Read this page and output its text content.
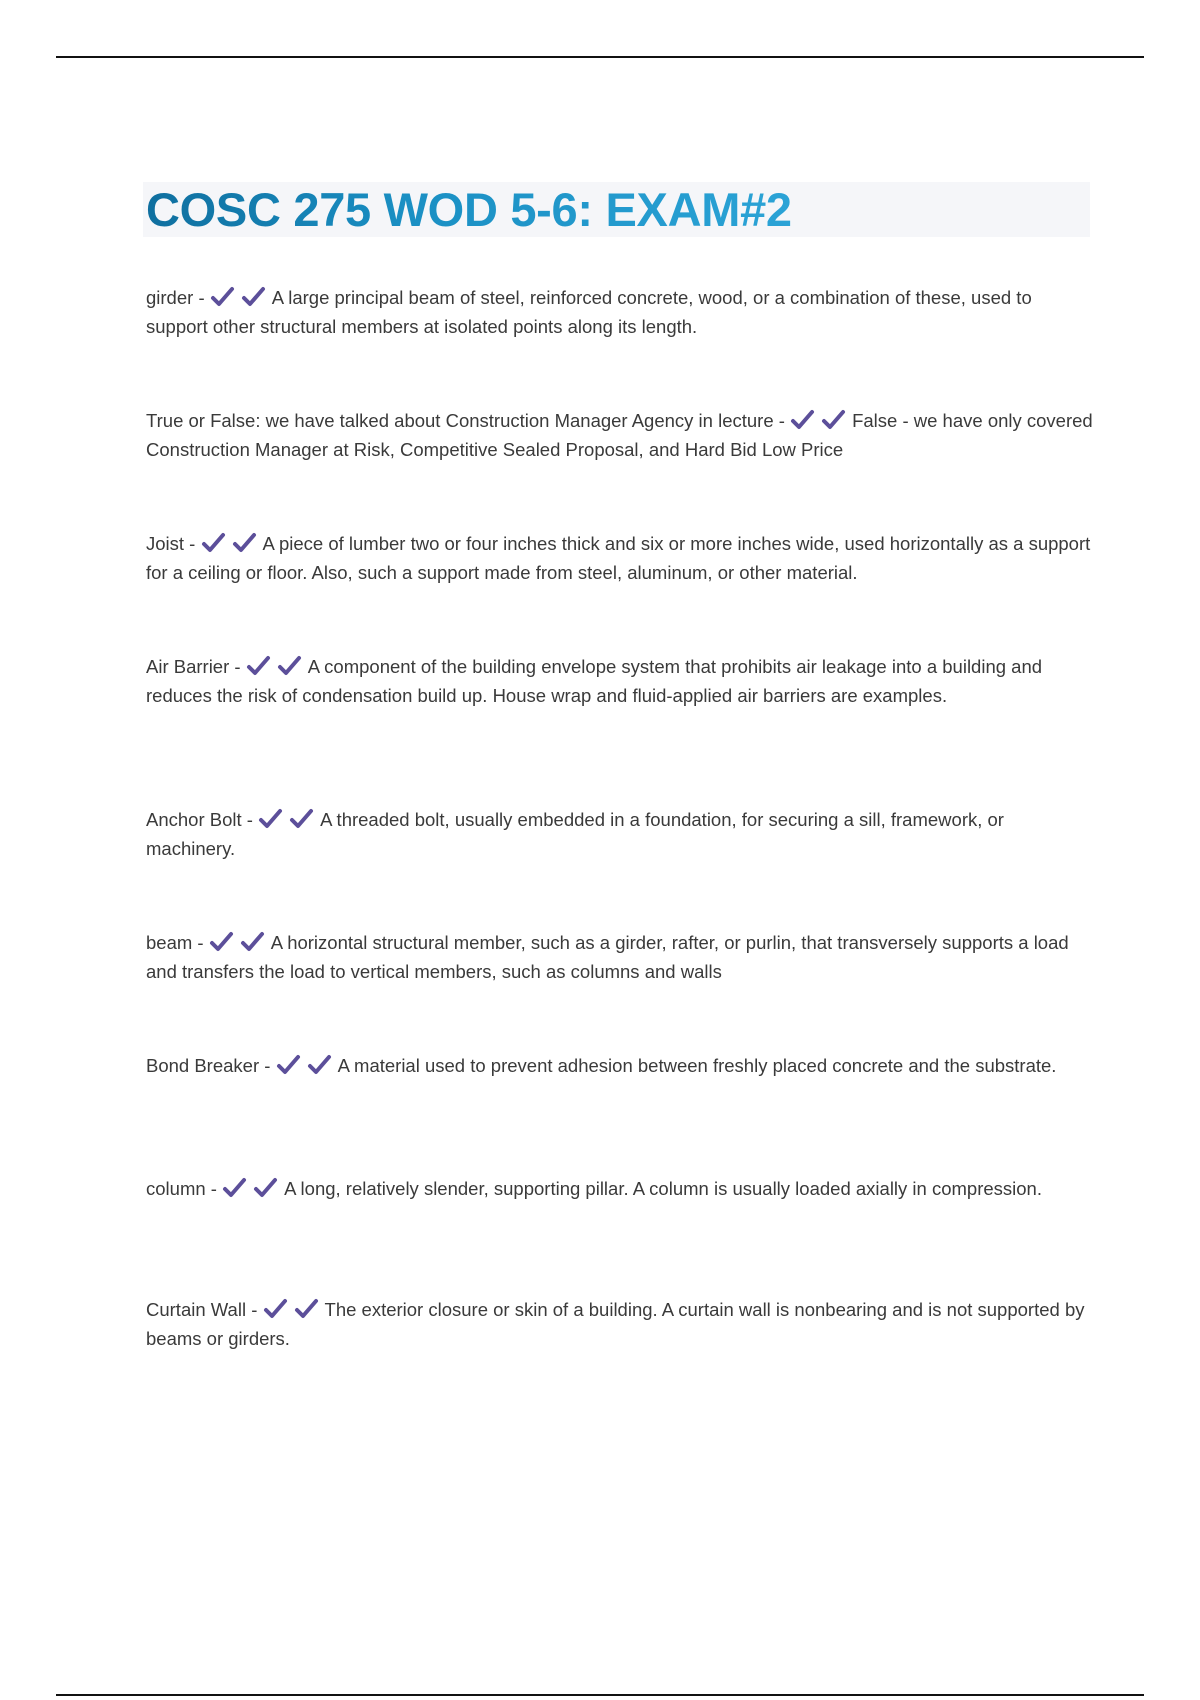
COSC 275 WOD 5-6: EXAM#2

girder -	A large principal beam of steel, reinforced concrete, wood, or a combination of these, used to support other structural members at isolated points along its length.

True or False: we have talked about Construction Manager Agency in lecture -	False - we have only covered Construction Manager at Risk, Competitive Sealed Proposal, and Hard Bid Low Price

Joist -	A piece of lumber two or four inches thick and six or more inches wide, used horizontally as a support for a ceiling or floor. Also, such a support made from steel, aluminum, or other material.

Air Barrier -	A component of the building envelope system that prohibits air leakage into a building and reduces the risk of condensation build up. House wrap and fluid-applied air barriers are examples.

Anchor Bolt -	A threaded bolt, usually embedded in a foundation, for securing a sill, framework, or machinery.

beam -	A horizontal structural member, such as a girder, rafter, or purlin, that transversely supports a load and transfers the load to vertical members, such as columns and walls

Bond Breaker -	A material used to prevent adhesion between freshly placed concrete and the substrate.

column -	A long, relatively slender, supporting pillar. A column is usually loaded axially in compression.

Curtain Wall -	The exterior closure or skin of a building. A curtain wall is nonbearing and is not supported by beams or girders.
